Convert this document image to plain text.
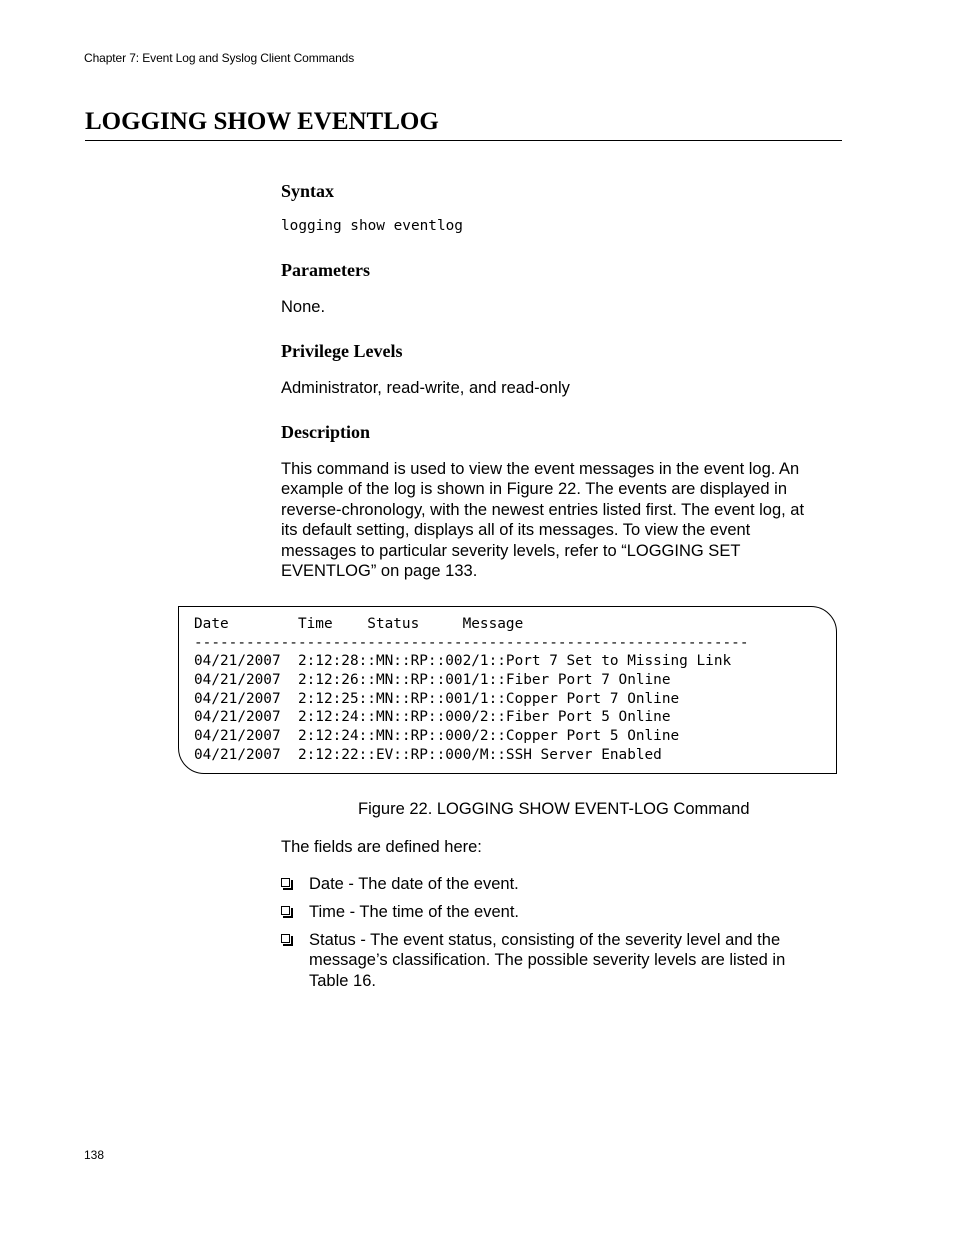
Chapter 7: Event Log and Syslog Client Commands
LOGGING SHOW EVENTLOG

Syntax

logging show eventlog

Parameters

None.

Privilege Levels

Administrator, read-write, and read-only

Description

This command is used to view the event messages in the event log. An
example of the log is shown in Figure 22. The events are displayed in
reverse-chronology, with the newest entries listed first. The event log, at
its default setting, displays all of its messages. To view the event
messages to particular severity levels, refer to “LOGGING SET
EVENTLOG” on page 133.
Date        Time    Status     Message
----------------------------------------------------------------
04/21/2007  2:12:28::MN::RP::002/1::Port 7 Set to Missing Link
04/21/2007  2:12:26::MN::RP::001/1::Fiber Port 7 Online
04/21/2007  2:12:25::MN::RP::001/1::Copper Port 7 Online
04/21/2007  2:12:24::MN::RP::000/2::Fiber Port 5 Online
04/21/2007  2:12:24::MN::RP::000/2::Copper Port 5 Online
04/21/2007  2:12:22::EV::RP::000/M::SSH Server Enabled
Figure 22. LOGGING SHOW EVENT-LOG Command

The fields are defined here:

Date - The date of the event.
Time - The time of the event.
Status - The event status, consisting of the severity level and the
message’s classification. The possible severity levels are listed in
Table 16.
138
